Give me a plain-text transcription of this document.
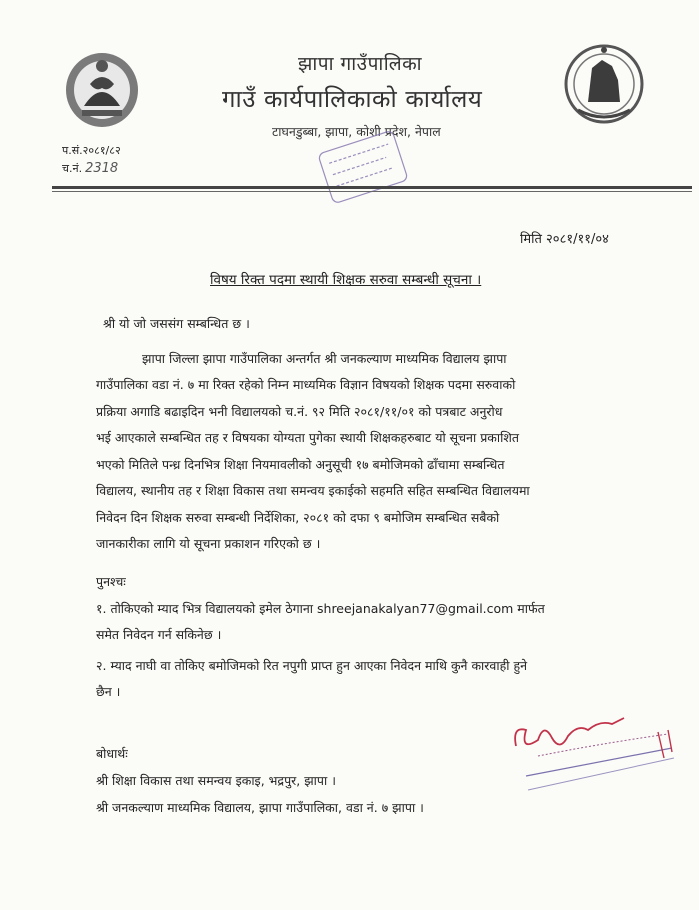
झापा गाउँपालिका
गाउँ कार्यपालिकाको कार्यालय
टाघनडुब्बा, झापा, कोशी प्रदेश, नेपाल
प.सं.२०८१/८२
च.नं. 2318
मिति २०८१/११/०४
विषय रिक्त पदमा स्थायी शिक्षक सरुवा सम्बन्धी सूचना ।
श्री यो जो जससंग सम्बन्धित छ ।
झापा जिल्ला झापा गाउँपालिका अन्तर्गत श्री जनकल्याण माध्यमिक विद्यालय झापा
गाउँपालिका वडा नं. ७ मा रिक्त रहेको निम्न माध्यमिक विज्ञान विषयको शिक्षक पदमा सरुवाको
प्रक्रिया अगाडि बढाइदिन भनी विद्यालयको च.नं. ९२ मिति २०८१/११/०१ को पत्रबाट अनुरोध
भई आएकाले सम्बन्धित तह र विषयका योग्यता पुगेका स्थायी शिक्षकहरुबाट यो सूचना प्रकाशित
भएको मितिले पन्ध्र दिनभित्र शिक्षा नियमावलीको अनुसूची १७ बमोजिमको ढाँचामा सम्बन्धित
विद्यालय, स्थानीय तह र शिक्षा विकास तथा समन्वय इकाईको सहमति सहित सम्बन्धित विद्यालयमा
निवेदन दिन शिक्षक सरुवा सम्बन्धी निर्देशिका, २०८१ को दफा ९ बमोजिम सम्बन्धित सबैको
जानकारीका लागि यो सूचना प्रकाशन गरिएको छ ।
पुनश्चः
१. तोकिएको म्याद भित्र विद्यालयको इमेल ठेगाना shreejanakalyan77@gmail.com मार्फत
समेत निवेदन गर्न सकिनेछ ।
२. म्याद नाघी वा तोकिए बमोजिमको रित नपुगी प्राप्त हुन आएका निवेदन माथि कुनै कारवाही हुने
छैन ।
बोधार्थः
श्री शिक्षा विकास तथा समन्वय इकाइ, भद्रपुर, झापा ।
श्री जनकल्याण माध्यमिक विद्यालय, झापा गाउँपालिका, वडा नं. ७ झापा ।
